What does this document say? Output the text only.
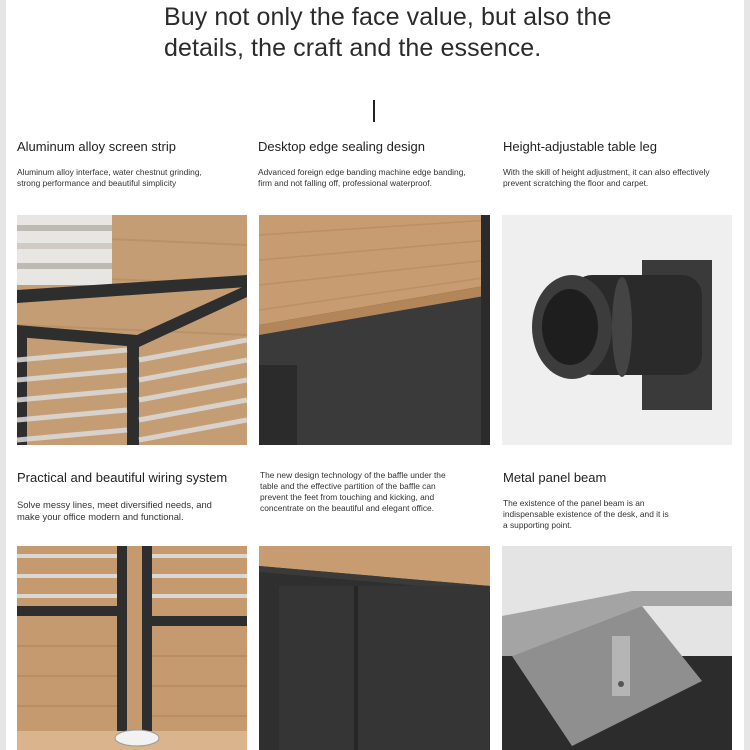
Buy not only the face value, but also the details, the craft and the essence.
Aluminum alloy screen strip
Aluminum alloy interface, water chestnut grinding, strong performance and beautiful simplicity
Desktop edge sealing design
Advanced foreign edge banding machine edge banding, firm and not falling off, professional waterproof.
Height-adjustable table leg
With the skill of height adjustment, it can also effectively prevent scratching the floor and carpet.
Practical and beautiful wiring system
Solve messy lines, meet diversified needs, and make your office modern and functional.
The new design technology of the baffle under the table and the effective partition of the baffle can prevent the feet from touching and kicking, and concentrate on the beautiful and elegant office.
Metal panel beam
The existence of the panel beam is an indispensable existence of the desk, and it is a supporting point.
